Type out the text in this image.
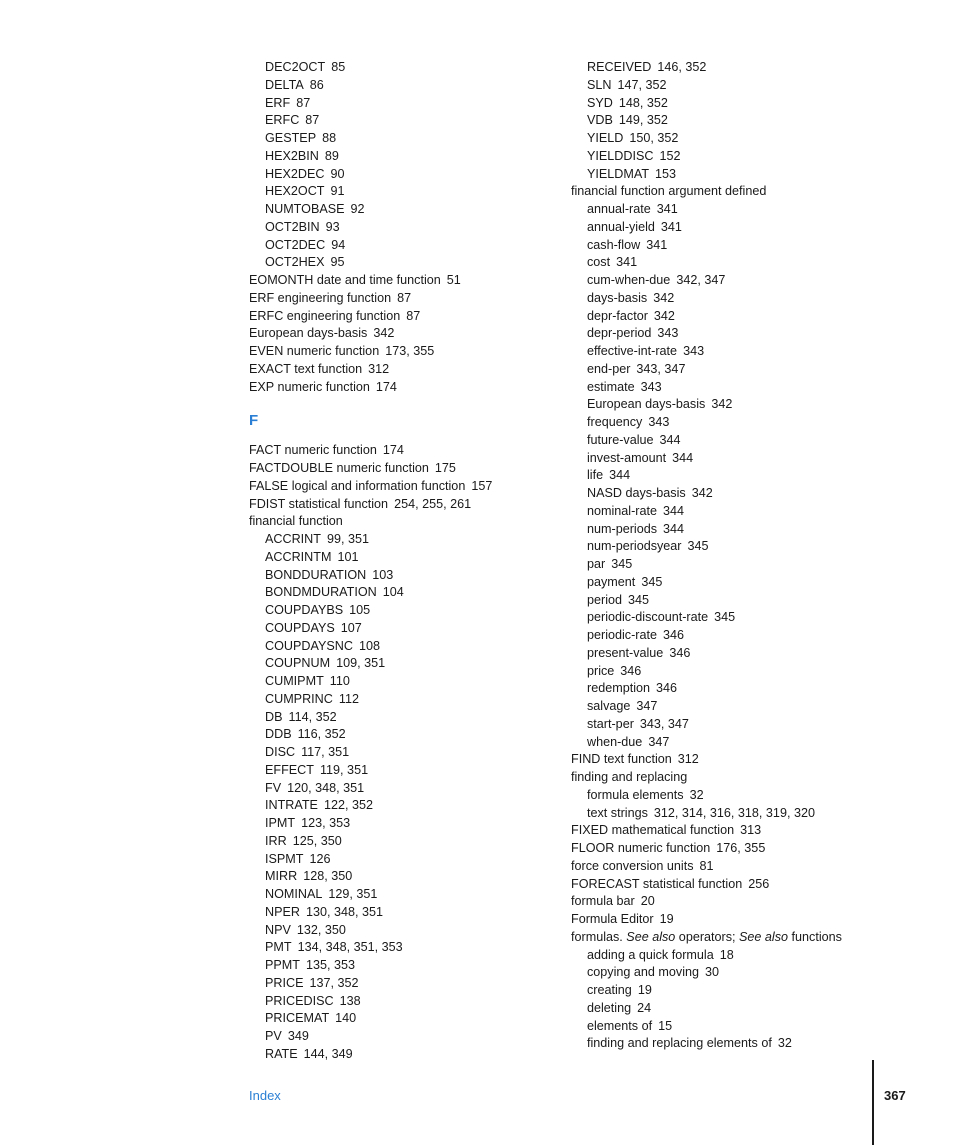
DEC2OCT 85
DELTA 86
ERF 87
ERFC 87
GESTEP 88
HEX2BIN 89
HEX2DEC 90
HEX2OCT 91
NUMTOBASE 92
OCT2BIN 93
OCT2DEC 94
OCT2HEX 95
EOMONTH date and time function 51
ERF engineering function 87
ERFC engineering function 87
European days-basis 342
EVEN numeric function 173, 355
EXACT text function 312
EXP numeric function 174
F
FACT numeric function 174
FACTDOUBLE numeric function 175
FALSE logical and information function 157
FDIST statistical function 254, 255, 261
financial function
ACCRINT 99, 351
ACCRINTM 101
BONDDURATION 103
BONDMDURATION 104
COUPDAYBS 105
COUPDAYS 107
COUPDAYSNC 108
COUPNUM 109, 351
CUMIPMT 110
CUMPRINC 112
DB 114, 352
DDB 116, 352
DISC 117, 351
EFFECT 119, 351
FV 120, 348, 351
INTRATE 122, 352
IPMT 123, 353
IRR 125, 350
ISPMT 126
MIRR 128, 350
NOMINAL 129, 351
NPER 130, 348, 351
NPV 132, 350
PMT 134, 348, 351, 353
PPMT 135, 353
PRICE 137, 352
PRICEDISC 138
PRICEMAT 140
PV 349
RATE 144, 349
RECEIVED 146, 352
SLN 147, 352
SYD 148, 352
VDB 149, 352
YIELD 150, 352
YIELDDISC 152
YIELDMAT 153
financial function argument defined
annual-rate 341
annual-yield 341
cash-flow 341
cost 341
cum-when-due 342, 347
days-basis 342
depr-factor 342
depr-period 343
effective-int-rate 343
end-per 343, 347
estimate 343
European days-basis 342
frequency 343
future-value 344
invest-amount 344
life 344
NASD days-basis 342
nominal-rate 344
num-periods 344
num-periodsyear 345
par 345
payment 345
period 345
periodic-discount-rate 345
periodic-rate 346
present-value 346
price 346
redemption 346
salvage 347
start-per 343, 347
when-due 347
FIND text function 312
finding and replacing
formula elements 32
text strings 312, 314, 316, 318, 319, 320
FIXED mathematical function 313
FLOOR numeric function 176, 355
force conversion units 81
FORECAST statistical function 256
formula bar 20
Formula Editor 19
formulas. See also operators; See also functions
adding a quick formula 18
copying and moving 30
creating 19
deleting 24
elements of 15
finding and replacing elements of 32
Index	367
